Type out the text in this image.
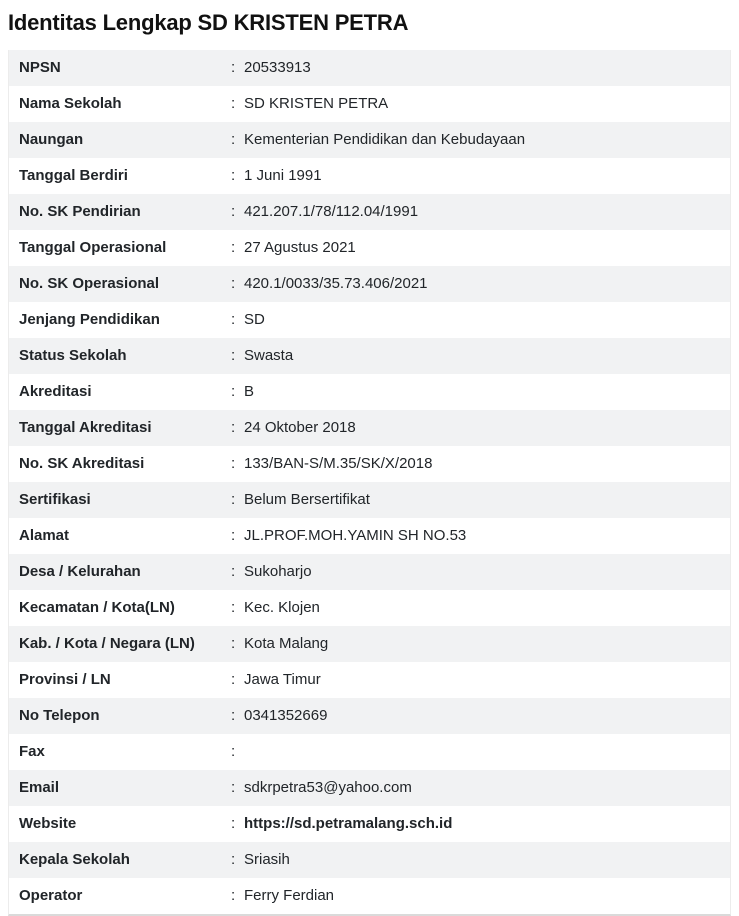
Identitas Lengkap SD KRISTEN PETRA
NPSN	: 20533913
Nama Sekolah	: SD KRISTEN PETRA
Naungan	: Kementerian Pendidikan dan Kebudayaan
Tanggal Berdiri	: 1 Juni 1991
No. SK Pendirian	: 421.207.1/78/112.04/1991
Tanggal Operasional	: 27 Agustus 2021
No. SK Operasional	: 420.1/0033/35.73.406/2021
Jenjang Pendidikan	: SD
Status Sekolah	: Swasta
Akreditasi	: B
Tanggal Akreditasi	: 24 Oktober 2018
No. SK Akreditasi	: 133/BAN-S/M.35/SK/X/2018
Sertifikasi	: Belum Bersertifikat
Alamat	: JL.PROF.MOH.YAMIN SH NO.53
Desa / Kelurahan	: Sukoharjo
Kecamatan / Kota(LN)	: Kec. Klojen
Kab. / Kota / Negara (LN)	: Kota Malang
Provinsi / LN	: Jawa Timur
No Telepon	: 0341352669
Fax	:
Email	: sdkrpetra53@yahoo.com
Website	: https://sd.petramalang.sch.id
Kepala Sekolah	: Sriasih
Operator	: Ferry Ferdian
